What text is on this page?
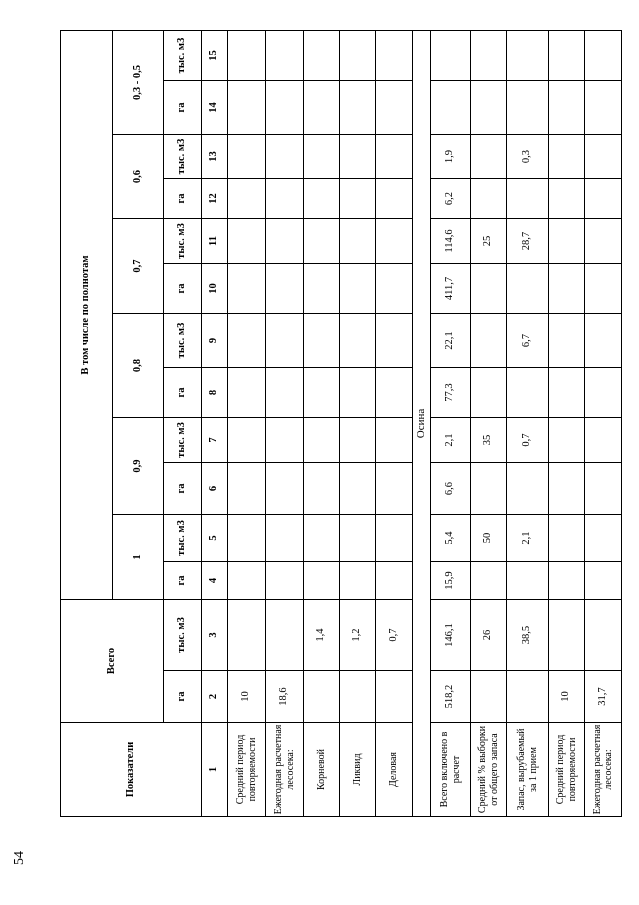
54
Показатели	Всего		В том числе по полнотам											
			1		0,9		0,8		0,7		0,6		0,3 - 0,5	
	га	тыс. м3	га	тыс. м3	га	тыс. м3	га	тыс. м3	га	тыс. м3	га	тыс. м3	га	тыс. м3
1	2	3	4	5	6	7	8	9	10	11	12	13	14	15
Средний период повторяемости	10													
Ежегодная расчетная лесосека:	18,6													
Корневой		1,4												
Ликвид		1,2												
Деловая		0,7												
Осина														
Всего включено в расчет	518,2	146,1	15,9	5,4	6,6	2,1	77,3	22,1	411,7	114,6	6,2	1,9		
Средний % выборки от общего запаса		26		50		35				25				
Запас, вырубаемый за 1 прием		38,5		2,1		0,7		6,7		28,7		0,3		
Средний период повторяемости	10													
Ежегодная расчетная лесосека:	31,7													
